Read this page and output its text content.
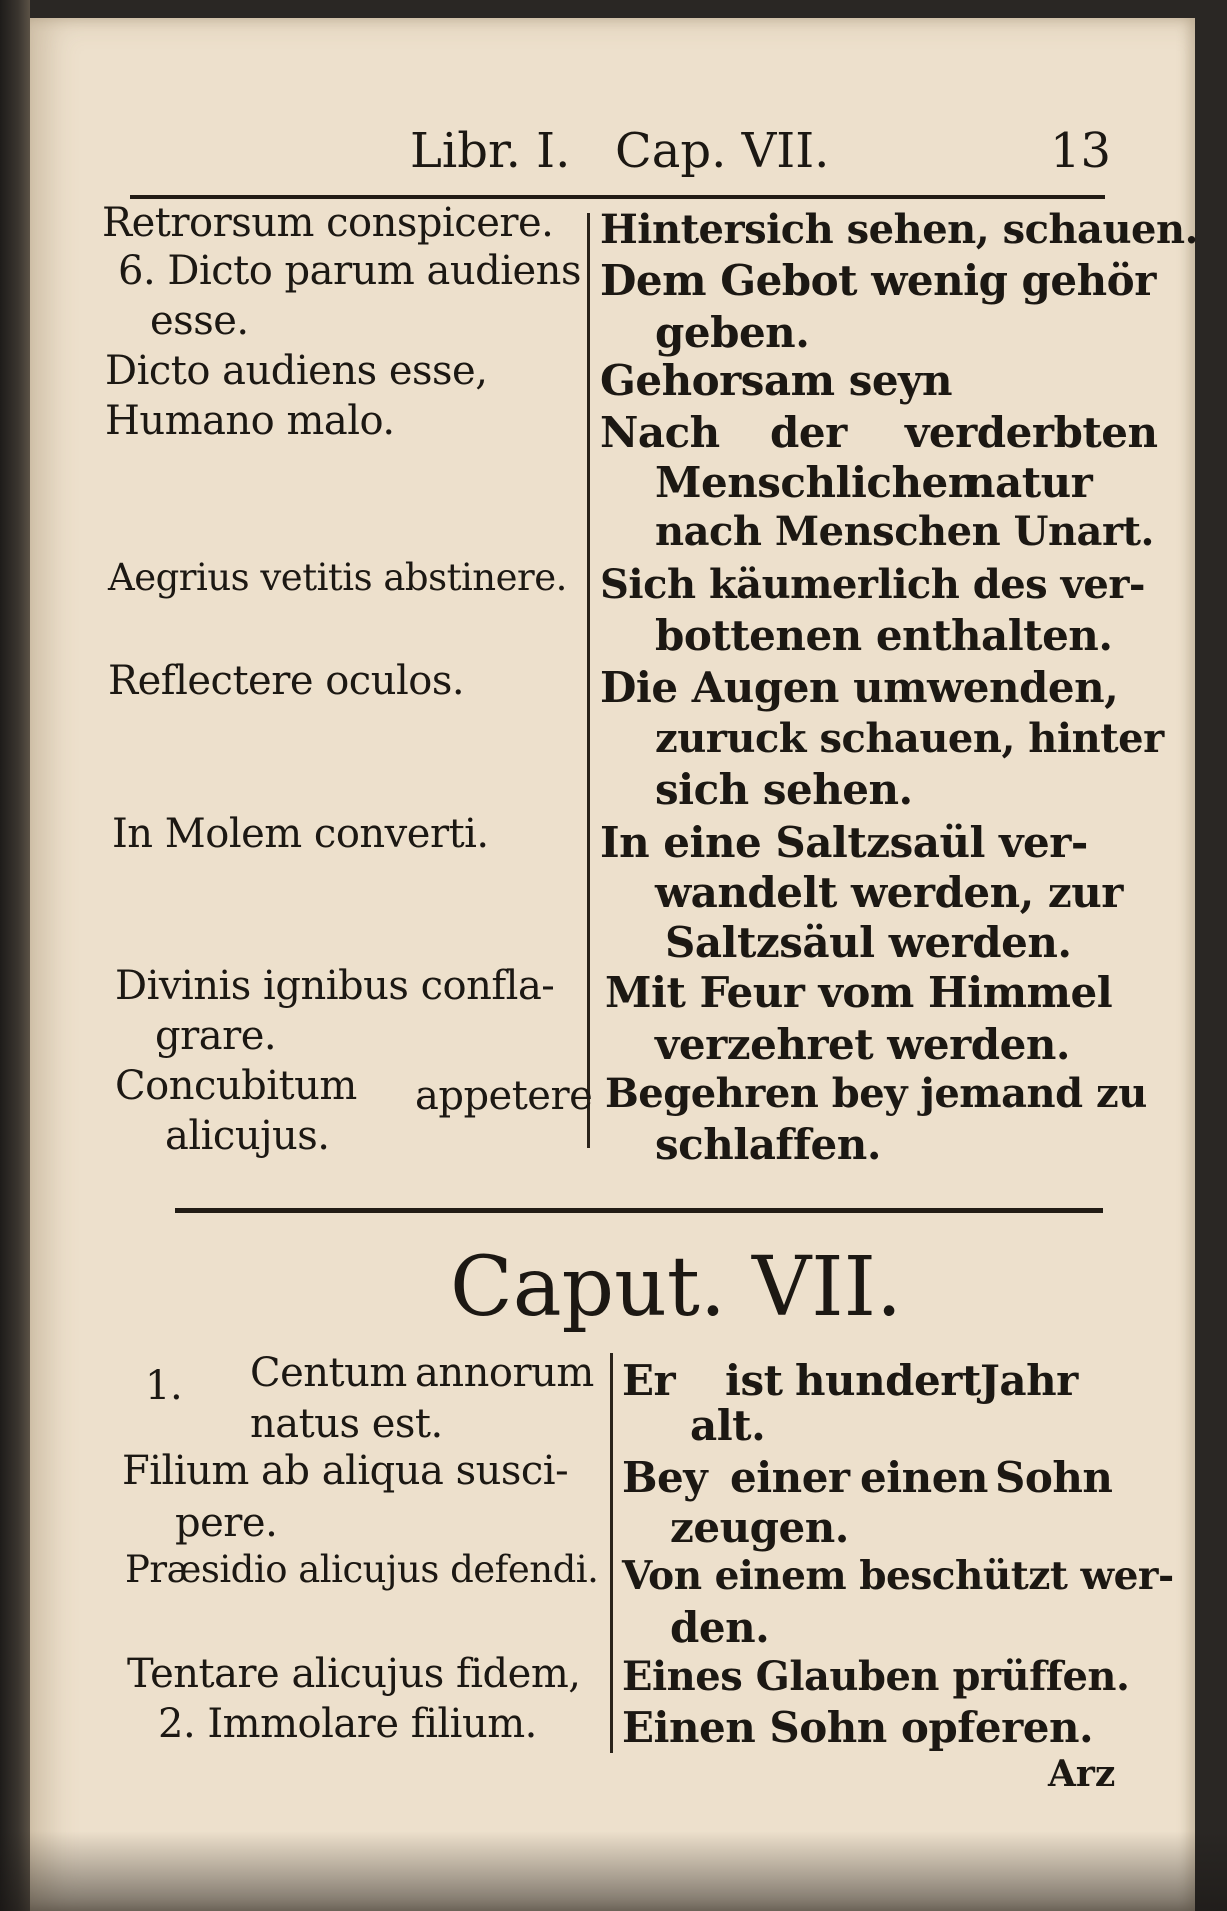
Libr. I. Cap. VII.	13
Retrorsum conspicere.
6. Dicto parum audiens
esse.
Dicto audiens esse,
Humano malo.
Aegrius vetitis abstinere.
Reflectere oculos.
In Molem converti.
Divinis ignibus confla-
grare.
Concubitum appetere
alicujus.
Hintersich sehen, schauen.
Dem Gebot wenig gehör
geben.
Gehorsam seyn
Nach der verderbten
Menschlichen
natur
nach Menschen Unart.
Sich käumerlich des ver-
bottenen enthalten.
Die Augen umwenden,
zuruck schauen, hinter
sich sehen.
In eine Saltzsaül ver-
wandelt werden, zur
Saltzsäul werden.
Mit Feur vom Himmel
verzehret werden.
Begehren bey jemand zu
schlaffen.
Caput. VII.
1. Centum annorum
natus est.
Filium ab aliqua susci-
pere.
Præsidio alicujus defendi.
Tentare alicujus fidem,
2. Immolare filium.
Er ist hundert Jahr
alt.
Bey einer einen Sohn
zeugen.
Von einem beschützt wer-
den.
Eines Glauben prüffen.
Einen Sohn opferen.
Arz
